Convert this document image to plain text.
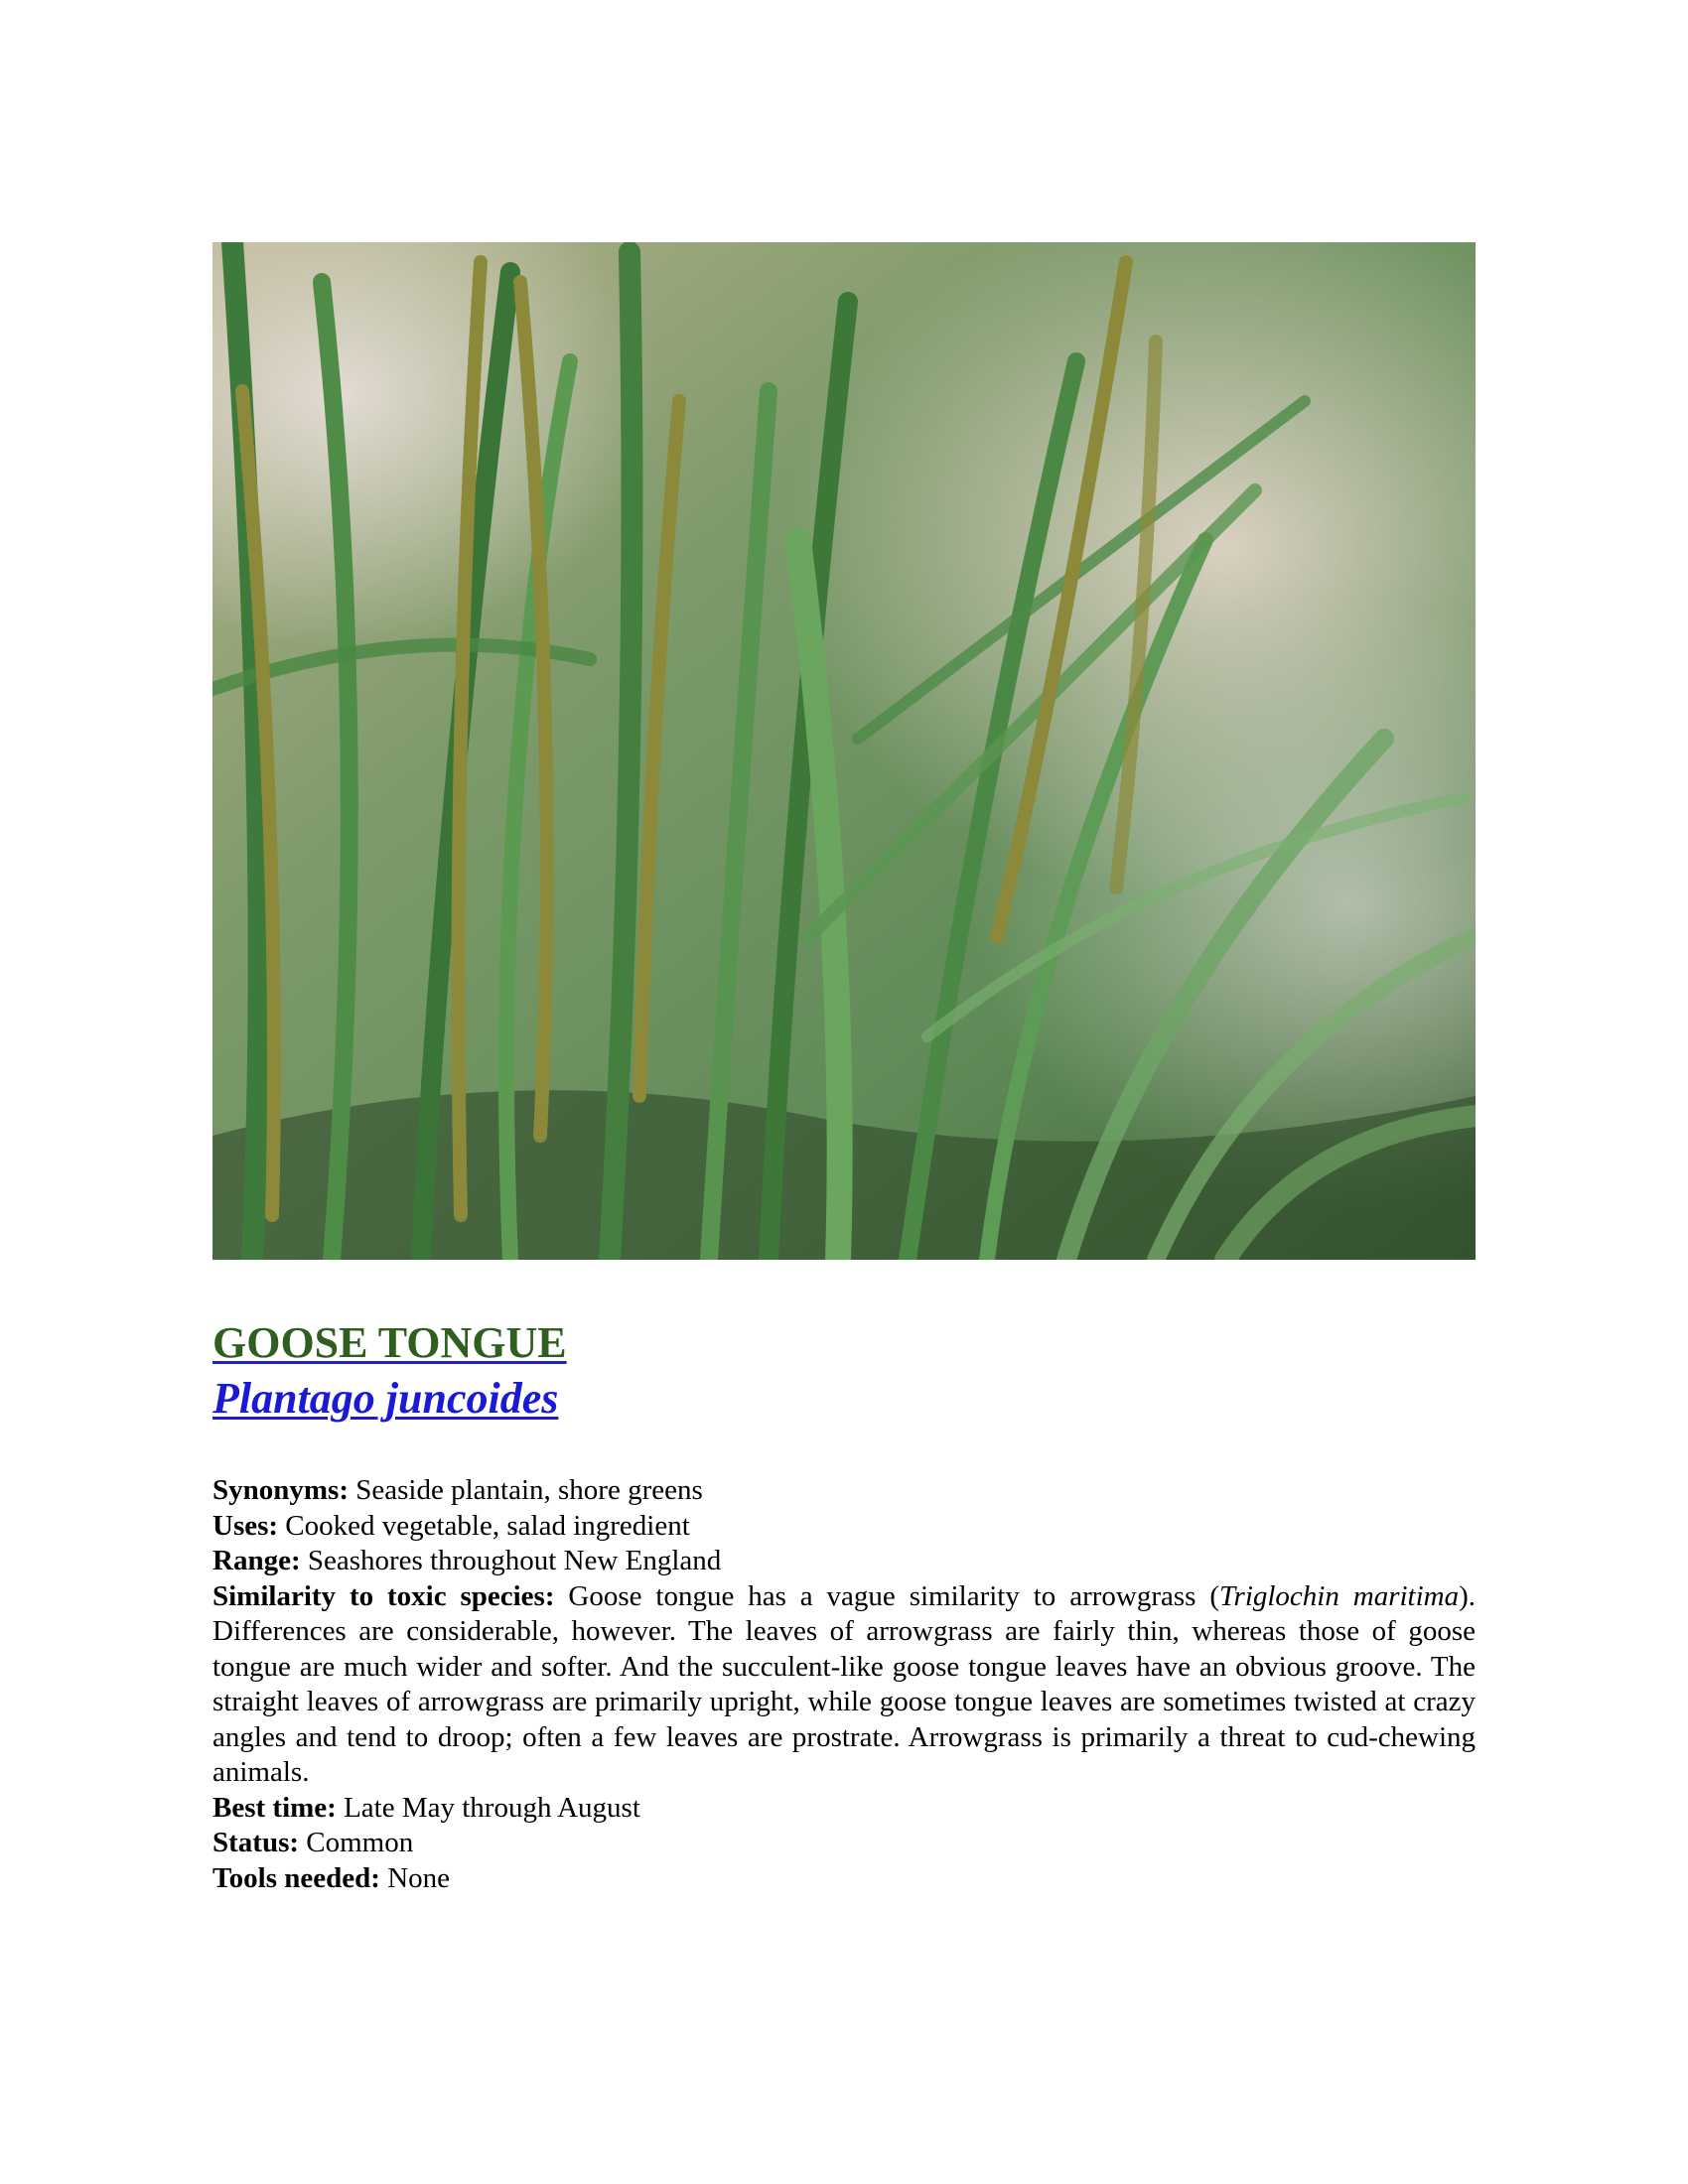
GOOSE TONGUE
Plantago juncoides

Synonyms: Seaside plantain, shore greens

Uses: Cooked vegetable, salad ingredient

Range: Seashores throughout New England

Similarity to toxic species: Goose tongue has a vague similarity to arrowgrass (Triglochin maritima). Differences are considerable, however. The leaves of arrowgrass are fairly thin, whereas those of goose tongue are much wider and softer. And the succulent-like goose tongue leaves have an obvious groove. The straight leaves of arrowgrass are primarily upright, while goose tongue leaves are sometimes twisted at crazy angles and tend to droop; often a few leaves are prostrate. Arrowgrass is primarily a threat to cud-chewing animals.

Best time: Late May through August

Status: Common

Tools needed: None
